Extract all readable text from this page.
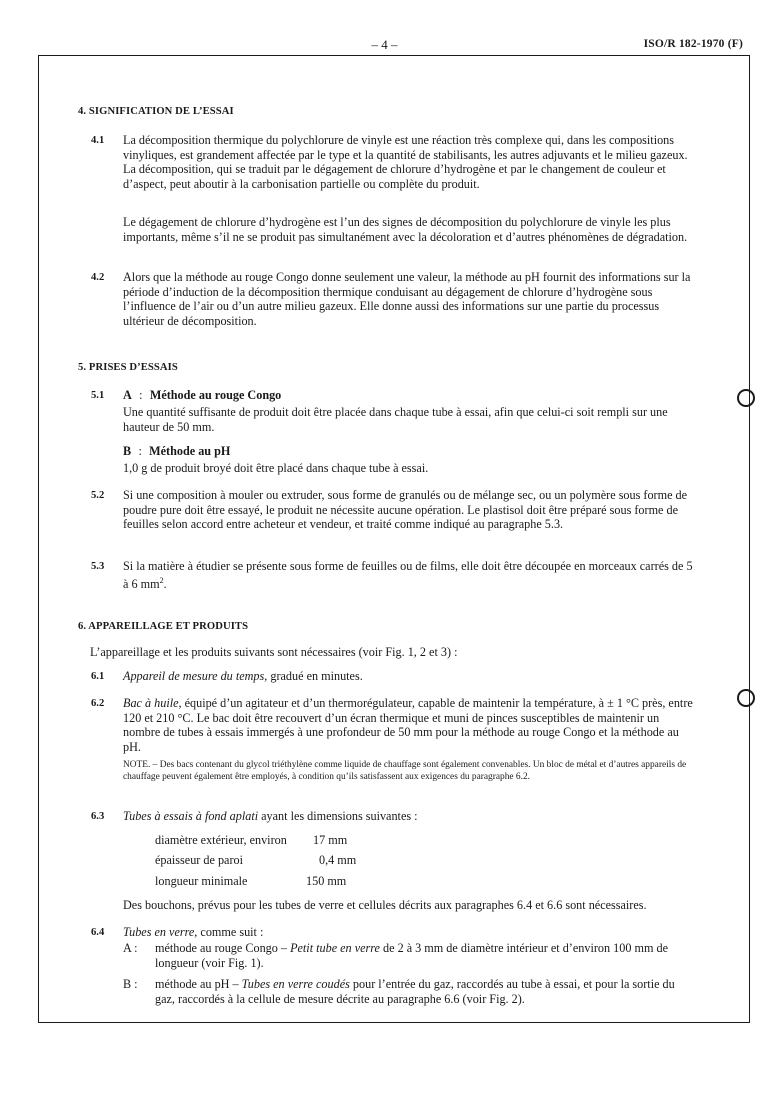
– 4 –	ISO/R 182-1970 (F)
4. SIGNIFICATION DE L’ESSAI
4.1 La décomposition thermique du polychlorure de vinyle est une réaction très complexe qui, dans les compositions vinyliques, est grandement affectée par le type et la quantité de stabilisants, les autres adjuvants et le milieu gazeux. La décomposition, qui se traduit par le dégagement de chlorure d’hydrogène et par le changement de couleur et d’aspect, peut aboutir à la carbonisation partielle ou complète du produit.

Le dégagement de chlorure d’hydrogène est l’un des signes de décomposition du polychlorure de vinyle les plus importants, même s’il ne se produit pas simultanément avec la décoloration et d’autres phénomènes de dégradation.

4.2 Alors que la méthode au rouge Congo donne seulement une valeur, la méthode au pH fournit des informations sur la période d’induction de la décomposition thermique conduisant au dégagement de chlorure d’hydrogène sous l’influence de l’air ou d’un autre milieu gazeux. Elle donne aussi des informations sur une partie du processus ultérieur de décomposition.

5. PRISES D’ESSAIS
5.1 A : Méthode au rouge Congo

Une quantité suffisante de produit doit être placée dans chaque tube à essai, afin que celui-ci soit rempli sur une hauteur de 50 mm.

B : Méthode au pH

1,0 g de produit broyé doit être placé dans chaque tube à essai.

5.2 Si une composition à mouler ou extruder, sous forme de granulés ou de mélange sec, ou un polymère sous forme de poudre pure doit être essayé, le produit ne nécessite aucune opération. Le plastisol doit être préparé sous forme de feuilles selon accord entre acheteur et vendeur, et traité comme indiqué au paragraphe 5.3.

5.3 Si la matière à étudier se présente sous forme de feuilles ou de films, elle doit être découpée en morceaux carrés de 5 à 6 $mm^2$.

6. APPAREILLAGE ET PRODUITS
L’appareillage et les produits suivants sont nécessaires (voir Fig. 1, 2 et 3) :
6.1 Appareil de mesure du temps, gradué en minutes.

6.2 Bac à huile, équipé d’un agitateur et d’un thermorégulateur, capable de maintenir la température, à ± 1 °C près, entre 120 et 210 °C. Le bac doit être recouvert d’un écran thermique et muni de pinces susceptibles de maintenir un nombre de tubes à essais immergés à une profondeur de 50 mm pour la méthode au rouge Congo et la méthode au pH.

NOTE. – Des bacs contenant du glycol triéthylène comme liquide de chauffage sont également convenables. Un bloc de métal et d’autres appareils de chauffage peuvent également être employés, à condition qu’ils satisfassent aux exigences du paragraphe 6.2.
6.3 Tubes à essais à fond aplati ayant les dimensions suivantes :

diamètre extérieur, environ 17 mm
épaisseur de paroi	0,4 mm
longueur minimale	150 mm

Des bouchons, prévus pour les tubes de verre et cellules décrits aux paragraphes 6.4 et 6.6 sont nécessaires.

6.4 Tubes en verre, comme suit :

A : méthode au rouge Congo – Petit tube en verre de 2 à 3 mm de diamètre intérieur et d’environ 100 mm de longueur (voir Fig. 1).
B : méthode au pH – Tubes en verre coudés pour l’entrée du gaz, raccordés au tube à essai, et pour la sortie du gaz, raccordés à la cellule de mesure décrite au paragraphe 6.6 (voir Fig. 2).
